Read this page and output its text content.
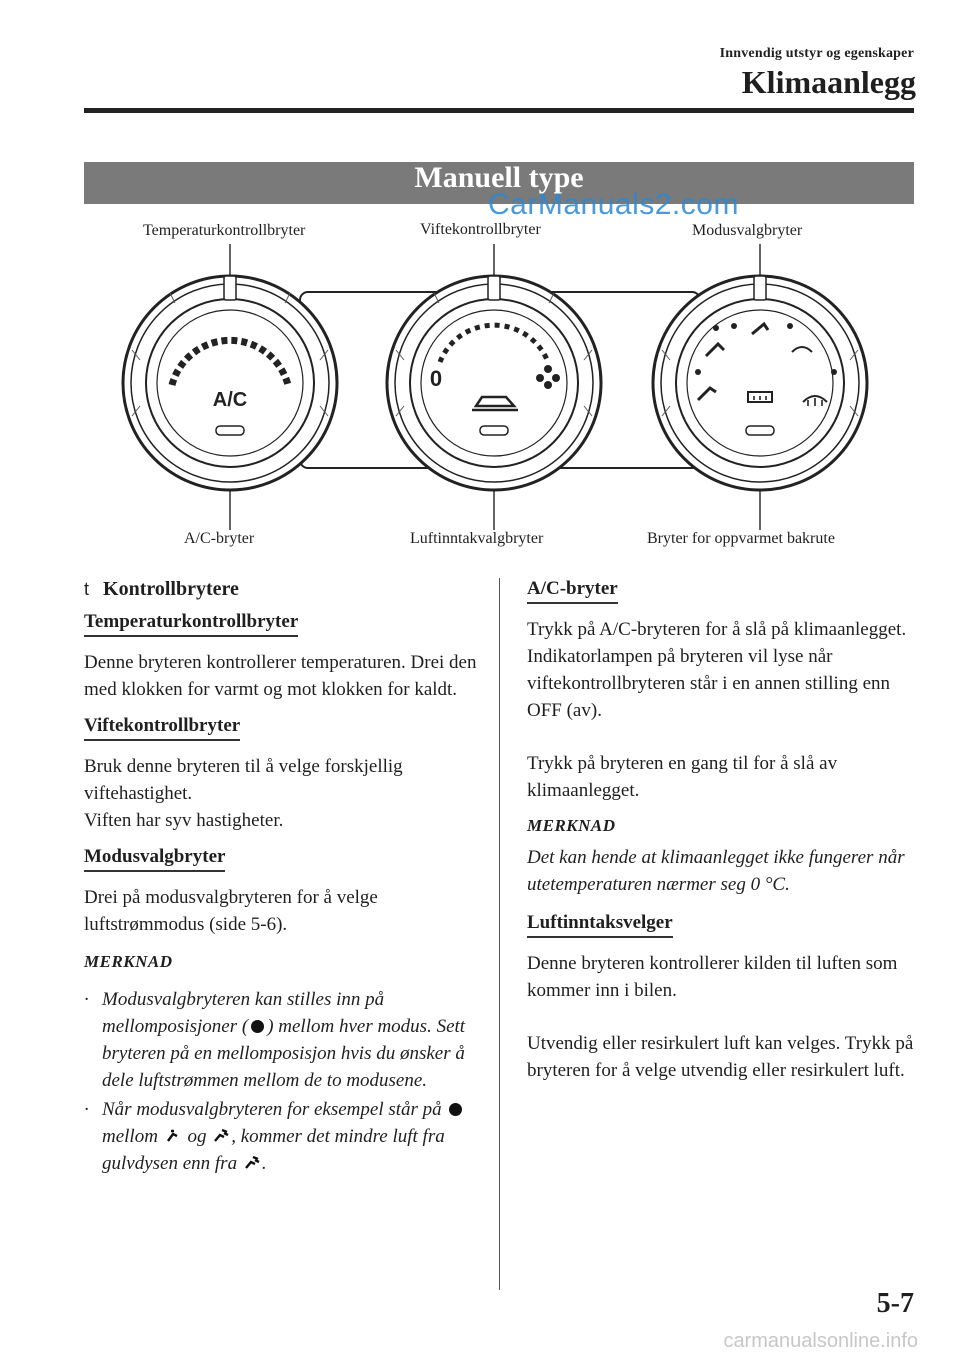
Innvendig utstyr og egenskaper
Klimaanlegg
Manuell type
Temperaturkontrollbryter	Viftekontrollbryter	Modusvalgbryter
A/C-bryter	Luftinntakvalgbryter	Bryter for oppvarmet bakrute
A/C
0
CarManuals2.com
t Kontrollbrytere
Temperaturkontrollbryter

Denne bryteren kontrollerer temperaturen. Drei den med klokken for varmt og mot klokken for kaldt.

Viftekontrollbryter

Bruk denne bryteren til å velge forskjellig viftehastighet.

Viften har syv hastigheter.

Modusvalgbryter

Drei på modusvalgbryteren for å velge luftstrømmodus (side 5-6).

MERKNAD
· Modusvalgbryteren kan stilles inn på mellomposisjoner ( ) mellom hver modus. Sett bryteren på en mellomposisjon hvis du ønsker å dele luftstrømmen mellom de to modusene.
· Når modusvalgbryteren for eksempel står på  mellom og , kommer det mindre luft fra gulvdysen enn fra .
A/C-bryter

Trykk på A/C-bryteren for å slå på klimaanlegget. Indikatorlampen på bryteren vil lyse når viftekontrollbryteren står i en annen stilling enn OFF (av).

Trykk på bryteren en gang til for å slå av klimaanlegget.

MERKNAD

Det kan hende at klimaanlegget ikke fungerer når utetemperaturen nærmer seg 0 °C.

Luftinntaksvelger

Denne bryteren kontrollerer kilden til luften som kommer inn i bilen.

Utvendig eller resirkulert luft kan velges. Trykk på bryteren for å velge utvendig eller resirkulert luft.

5-7
carmanualsonline.info
